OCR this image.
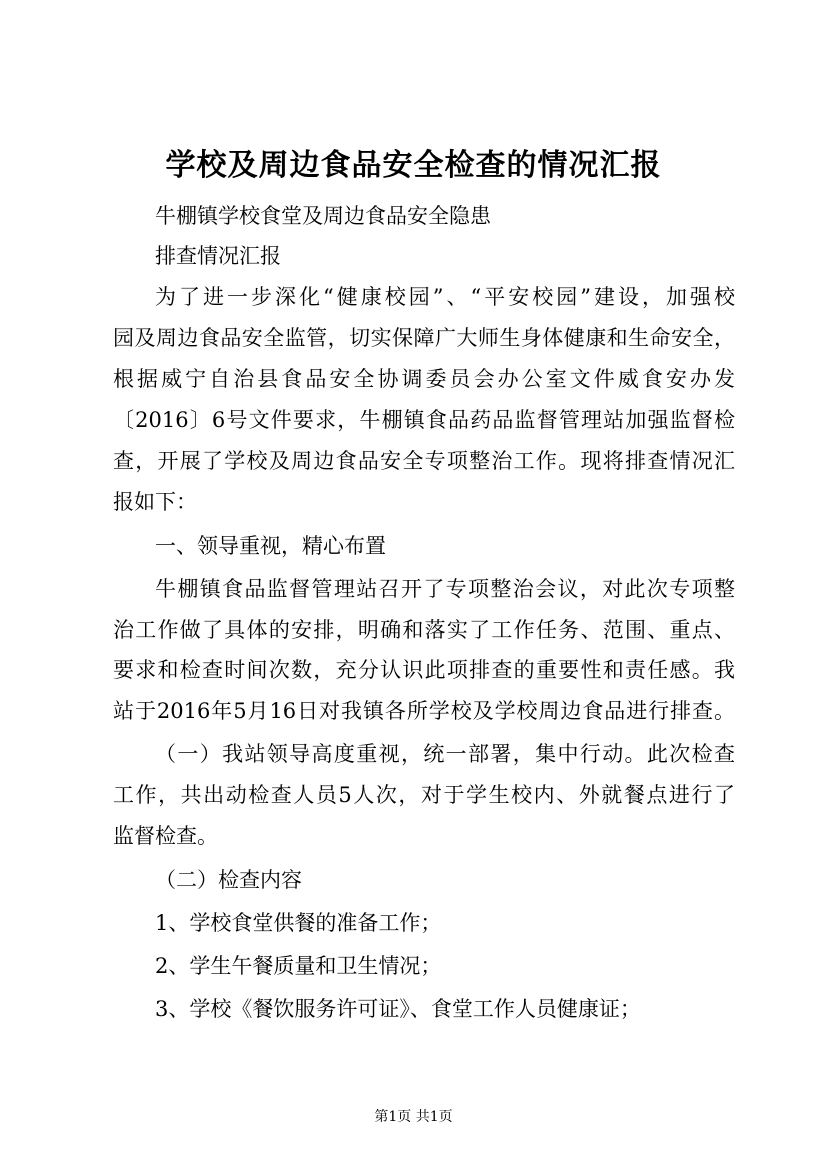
学校及周边食品安全检查的情况汇报
牛棚镇学校食堂及周边食品安全隐患
排查情况汇报
为了进一步深化“健康校园”、“平安校园”建设，加强校
园及周边食品安全监管，切实保障广大师生身体健康和生命安全，
根据威宁自治县食品安全协调委员会办公室文件威食安办发
〔2016〕6号文件要求，牛棚镇食品药品监督管理站加强监督检
查，开展了学校及周边食品安全专项整治工作。现将排查情况汇
报如下：
一、领导重视，精心布置
牛棚镇食品监督管理站召开了专项整治会议，对此次专项整
治工作做了具体的安排，明确和落实了工作任务、范围、重点、
要求和检查时间次数，充分认识此项排查的重要性和责任感。我
站于2016年5月16日对我镇各所学校及学校周边食品进行排查。
（一）我站领导高度重视，统一部署，集中行动。此次检查
工作，共出动检查人员5人次，对于学生校内、外就餐点进行了
监督检查。
（二）检查内容
1、学校食堂供餐的准备工作；
2、学生午餐质量和卫生情况；
3、学校《餐饮服务许可证》、食堂工作人员健康证；
第1页 共1页
